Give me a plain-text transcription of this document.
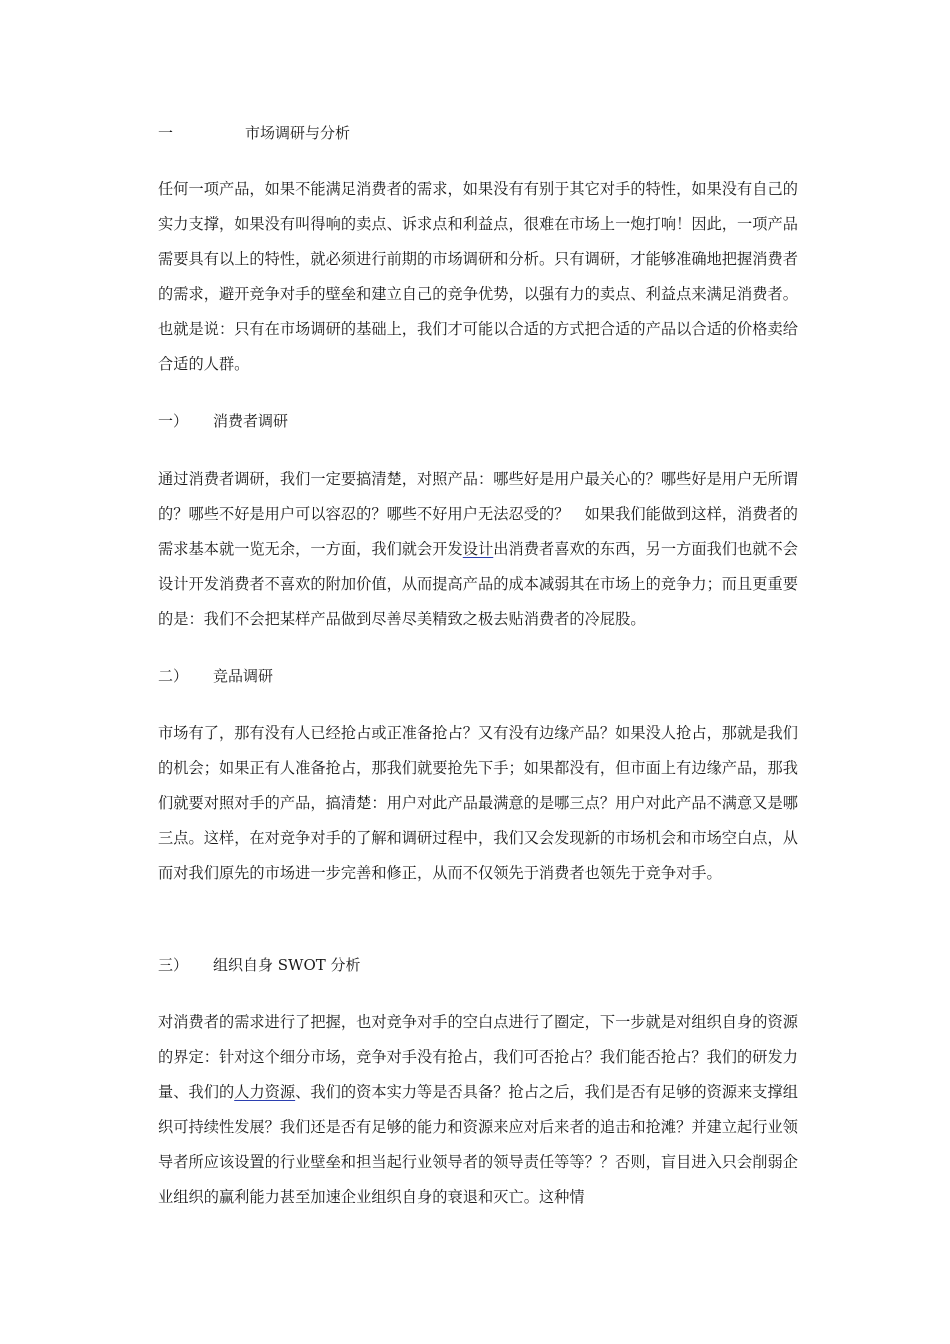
一	市场调研与分析
任何一项产品，如果不能满足消费者的需求，如果没有有别于其它对手的特性，如果没有自己的实力支撑，如果没有叫得响的卖点、诉求点和利益点，很难在市场上一炮打响！因此，一项产品需要具有以上的特性，就必须进行前期的市场调研和分析。只有调研，才能够准确地把握消费者的需求，避开竞争对手的壁垒和建立自己的竞争优势，以强有力的卖点、利益点来满足消费者。也就是说：只有在市场调研的基础上，我们才可能以合适的方式把合适的产品以合适的价格卖给合适的人群。
一） 消费者调研
通过消费者调研，我们一定要搞清楚，对照产品：哪些好是用户最关心的？哪些好是用户无所谓的？哪些不好是用户可以容忍的？哪些不好用户无法忍受的？　如果我们能做到这样，消费者的需求基本就一览无余，一方面，我们就会开发设计出消费者喜欢的东西，另一方面我们也就不会设计开发消费者不喜欢的附加价值，从而提高产品的成本减弱其在市场上的竞争力；而且更重要的是：我们不会把某样产品做到尽善尽美精致之极去贴消费者的冷屁股。
二） 竞品调研
市场有了，那有没有人已经抢占或正准备抢占？又有没有边缘产品？如果没人抢占，那就是我们的机会；如果正有人准备抢占，那我们就要抢先下手；如果都没有，但市面上有边缘产品，那我们就要对照对手的产品，搞清楚：用户对此产品最满意的是哪三点？用户对此产品不满意又是哪三点。这样，在对竞争对手的了解和调研过程中，我们又会发现新的市场机会和市场空白点，从而对我们原先的市场进一步完善和修正，从而不仅领先于消费者也领先于竞争对手。
三） 组织自身 SWOT 分析
对消费者的需求进行了把握，也对竞争对手的空白点进行了圈定，下一步就是对组织自身的资源的界定：针对这个细分市场，竞争对手没有抢占，我们可否抢占？我们能否抢占？我们的研发力量、我们的人力资源、我们的资本实力等是否具备？抢占之后，我们是否有足够的资源来支撑组织可持续性发展？我们还是否有足够的能力和资源来应对后来者的追击和抢滩？并建立起行业领导者所应该设置的行业壁垒和担当起行业领导者的领导责任等等？？否则，盲目进入只会削弱企业组织的赢利能力甚至加速企业组织自身的衰退和灭亡。这种情
